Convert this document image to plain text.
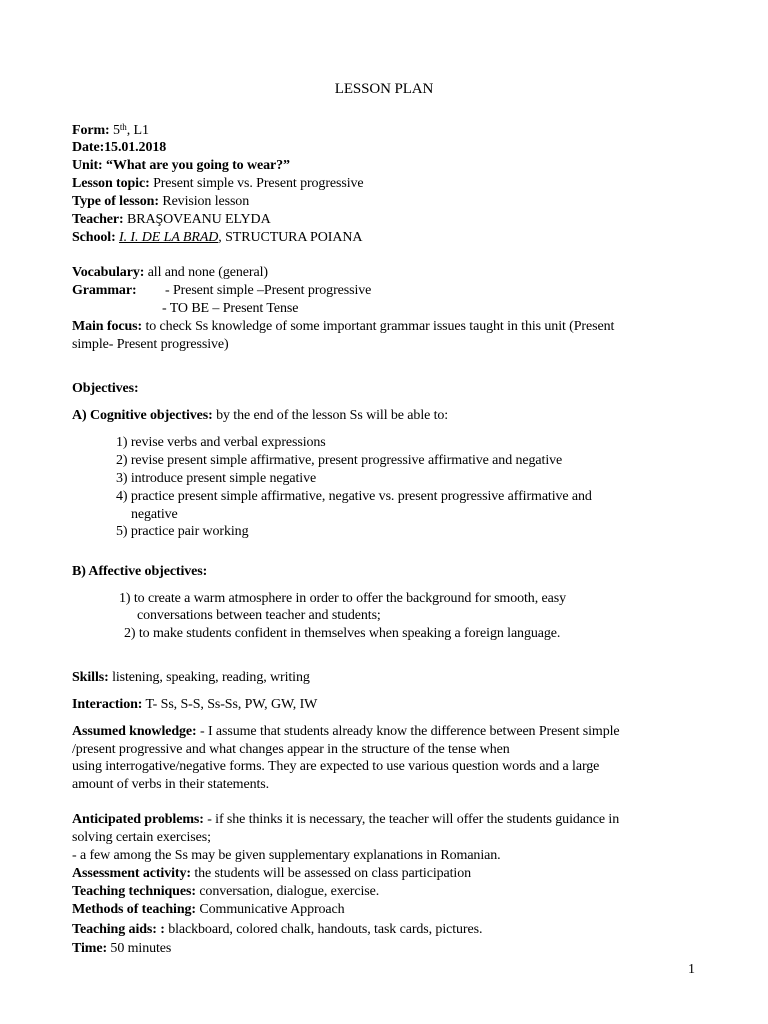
LESSON PLAN
Form: 5th, L1
Date:15.01.2018
Unit: “What are you going to wear?”
Lesson topic: Present simple vs. Present progressive
Type of lesson: Revision lesson
Teacher: BRAŞOVEANU ELYDA
School: I. I. DE LA BRAD, STRUCTURA POIANA
Vocabulary: all and none (general)
Grammar: - Present simple –Present progressive
- TO BE – Present Tense
Main focus: to check Ss knowledge of some important grammar issues taught in this unit (Present
simple- Present progressive)
Objectives:
A) Cognitive objectives: by the end of the lesson Ss will be able to:
1) revise verbs and verbal expressions
2) revise present simple affirmative, present progressive affirmative and negative
3) introduce present simple negative
4) practice present simple affirmative, negative vs. present progressive affirmative and
negative
5) practice pair working
B) Affective objectives:
1) to create a warm atmosphere in order to offer the background for smooth, easy
conversations between teacher and students;
2) to make students confident in themselves when speaking a foreign language.
Skills: listening, speaking, reading, writing
Interaction: T- Ss, S-S, Ss-Ss, PW, GW, IW
Assumed knowledge: - I assume that students already know the difference between Present simple
/present progressive and what changes appear in the structure of the tense when
using interrogative/negative forms. They are expected to use various question words and a large
amount of verbs in their statements.
Anticipated problems: - if she thinks it is necessary, the teacher will offer the students guidance in
solving certain exercises;
- a few among the Ss may be given supplementary explanations in Romanian.
Assessment activity: the students will be assessed on class participation
Teaching techniques: conversation, dialogue, exercise.
Methods of teaching: Communicative Approach
Teaching aids: : blackboard, colored chalk, handouts, task cards, pictures.
Time: 50 minutes
1
